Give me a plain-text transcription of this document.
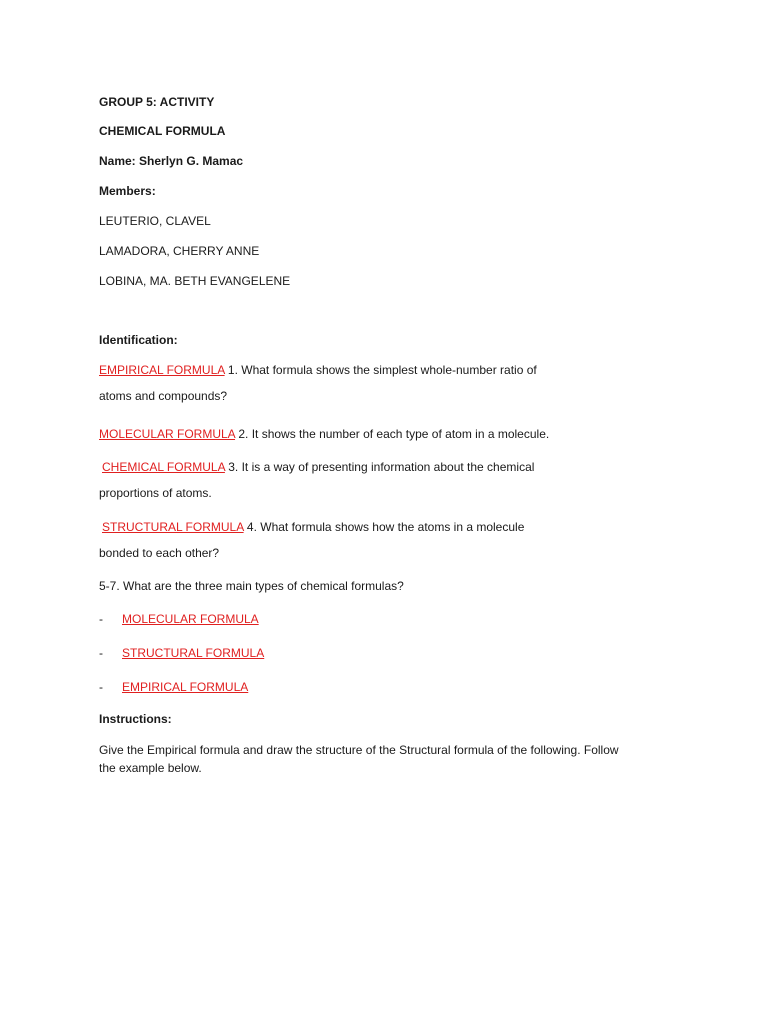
GROUP 5: ACTIVITY
CHEMICAL FORMULA
Name: Sherlyn G. Mamac
Members:
LEUTERIO, CLAVEL
LAMADORA, CHERRY ANNE
LOBINA, MA. BETH EVANGELENE
Identification:
EMPIRICAL FORMULA 1. What formula shows the simplest whole-number ratio of
atoms and compounds?
MOLECULAR FORMULA 2. It shows the number of each type of atom in a molecule.
CHEMICAL FORMULA 3. It is a way of presenting information about the chemical
proportions of atoms.
STRUCTURAL FORMULA 4. What formula shows how the atoms in a molecule
bonded to each other?
5-7. What are the three main types of chemical formulas?
- MOLECULAR FORMULA
- STRUCTURAL FORMULA
- EMPIRICAL FORMULA
Instructions:
Give the Empirical formula and draw the structure of the Structural formula of the following. Follow
the example below.
